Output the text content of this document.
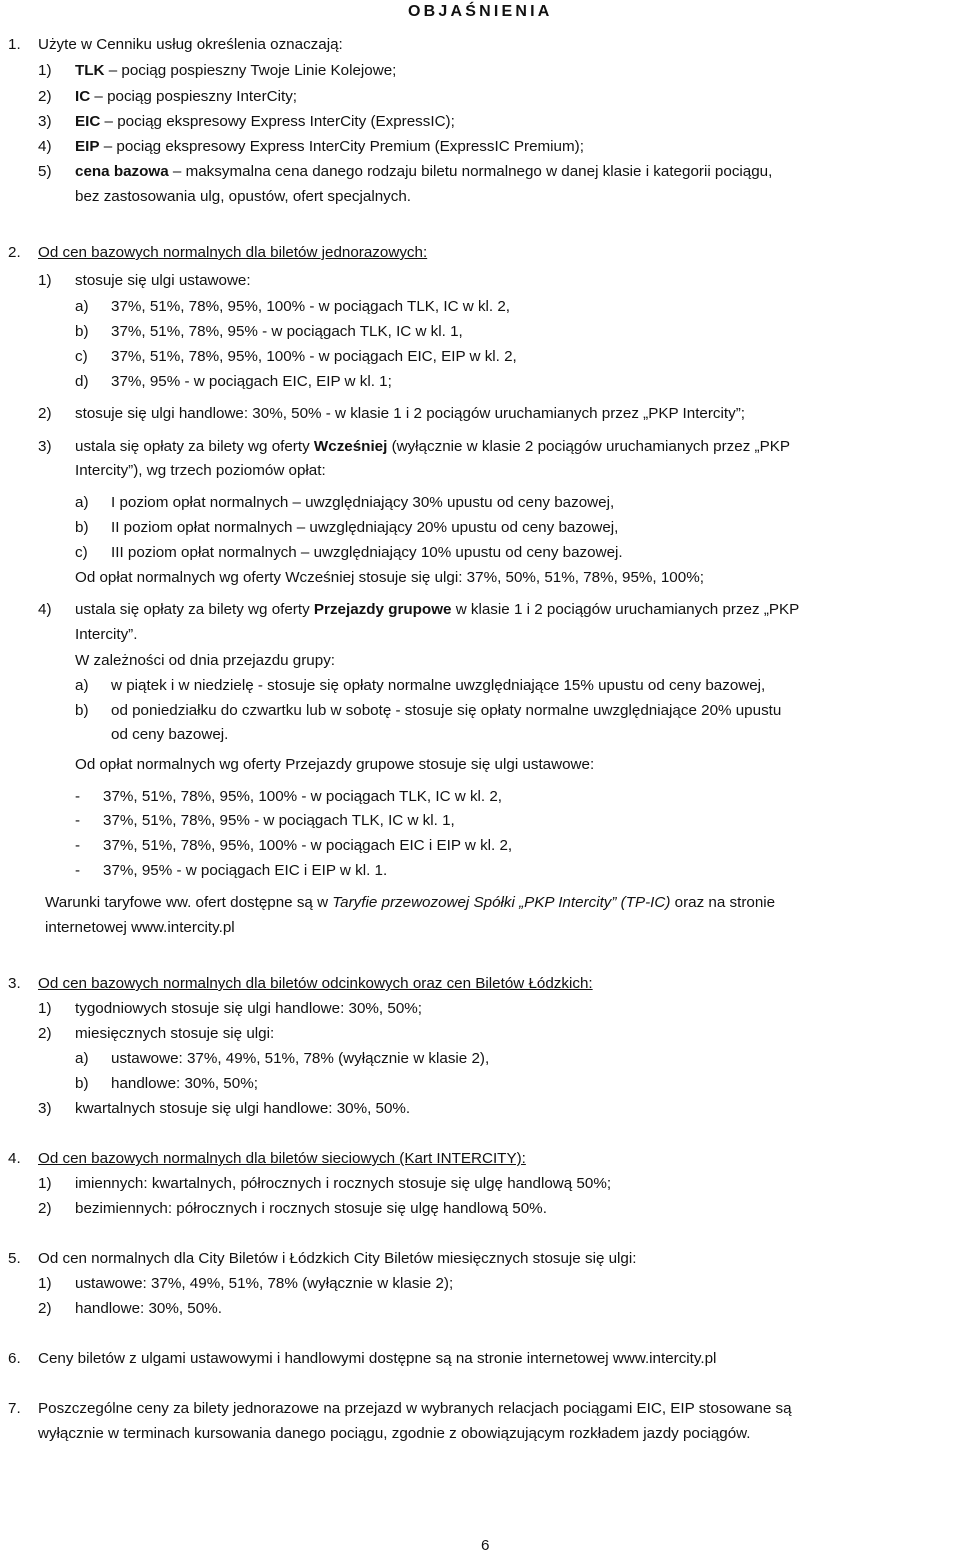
OBJAŚNIENIA
1. Użyte w Cenniku usług określenia oznaczają:
1) TLK – pociąg pospieszny Twoje Linie Kolejowe;
2) IC – pociąg pospieszny InterCity;
3) EIC – pociąg ekspresowy Express InterCity (ExpressIC);
4) EIP – pociąg ekspresowy Express InterCity Premium (ExpressIC Premium);
5) cena bazowa – maksymalna cena danego rodzaju biletu normalnego w danej klasie i kategorii pociągu,
bez zastosowania ulg, opustów, ofert specjalnych.
2. Od cen bazowych normalnych dla biletów jednorazowych:
1) stosuje się ulgi ustawowe:
a) 37%, 51%, 78%, 95%, 100% - w pociągach TLK, IC w kl. 2,
b) 37%, 51%, 78%, 95% - w pociągach TLK, IC w kl. 1,
c) 37%, 51%, 78%, 95%, 100% - w pociągach EIC, EIP w kl. 2,
d) 37%, 95% - w pociągach EIC, EIP w kl. 1;
2) stosuje się ulgi handlowe: 30%, 50% - w klasie 1 i 2 pociągów uruchamianych przez „PKP Intercity”;
3) ustala się opłaty za bilety wg oferty Wcześniej (wyłącznie w klasie 2 pociągów uruchamianych przez „PKP
Intercity”), wg trzech poziomów opłat:
a) I poziom opłat normalnych – uwzględniający 30% upustu od ceny bazowej,
b) II poziom opłat normalnych – uwzględniający 20% upustu od ceny bazowej,
c) III poziom opłat normalnych – uwzględniający 10% upustu od ceny bazowej.
Od opłat normalnych wg oferty Wcześniej stosuje się ulgi: 37%, 50%, 51%, 78%, 95%, 100%;
4) ustala się opłaty za bilety wg oferty Przejazdy grupowe w klasie 1 i 2 pociągów uruchamianych przez „PKP
Intercity”.
W zależności od dnia przejazdu grupy:
a) w piątek i w niedzielę - stosuje się opłaty normalne uwzględniające 15% upustu od ceny bazowej,
b) od poniedziałku do czwartku lub w sobotę - stosuje się opłaty normalne uwzględniające 20% upustu
od ceny bazowej.
Od opłat normalnych wg oferty Przejazdy grupowe stosuje się ulgi ustawowe:
- 37%, 51%, 78%, 95%, 100% - w pociągach TLK, IC w kl. 2,
- 37%, 51%, 78%, 95% - w pociągach TLK, IC w kl. 1,
- 37%, 51%, 78%, 95%, 100% - w pociągach EIC i EIP w kl. 2,
- 37%, 95% - w pociągach EIC i EIP w kl. 1.
Warunki taryfowe ww. ofert dostępne są w Taryfie przewozowej Spółki „PKP Intercity” (TP-IC) oraz na stronie
internetowej www.intercity.pl
3. Od cen bazowych normalnych dla biletów odcinkowych oraz cen Biletów Łódzkich:
1) tygodniowych stosuje się ulgi handlowe: 30%, 50%;
2) miesięcznych stosuje się ulgi:
a) ustawowe: 37%, 49%, 51%, 78% (wyłącznie w klasie 2),
b) handlowe: 30%, 50%;
3) kwartalnych stosuje się ulgi handlowe: 30%, 50%.
4. Od cen bazowych normalnych dla biletów sieciowych (Kart INTERCITY):
1) imiennych: kwartalnych, półrocznych i rocznych stosuje się ulgę handlową 50%;
2) bezimiennych: półrocznych i rocznych stosuje się ulgę handlową 50%.
5. Od cen normalnych dla City Biletów i Łódzkich City Biletów miesięcznych stosuje się ulgi:
1) ustawowe: 37%, 49%, 51%, 78% (wyłącznie w klasie 2);
2) handlowe: 30%, 50%.
6. Ceny biletów z ulgami ustawowymi i handlowymi dostępne są na stronie internetowej www.intercity.pl
7. Poszczególne ceny za bilety jednorazowe na przejazd w wybranych relacjach pociągami EIC, EIP stosowane są
wyłącznie w terminach kursowania danego pociągu, zgodnie z obowiązującym rozkładem jazdy pociągów.
6
